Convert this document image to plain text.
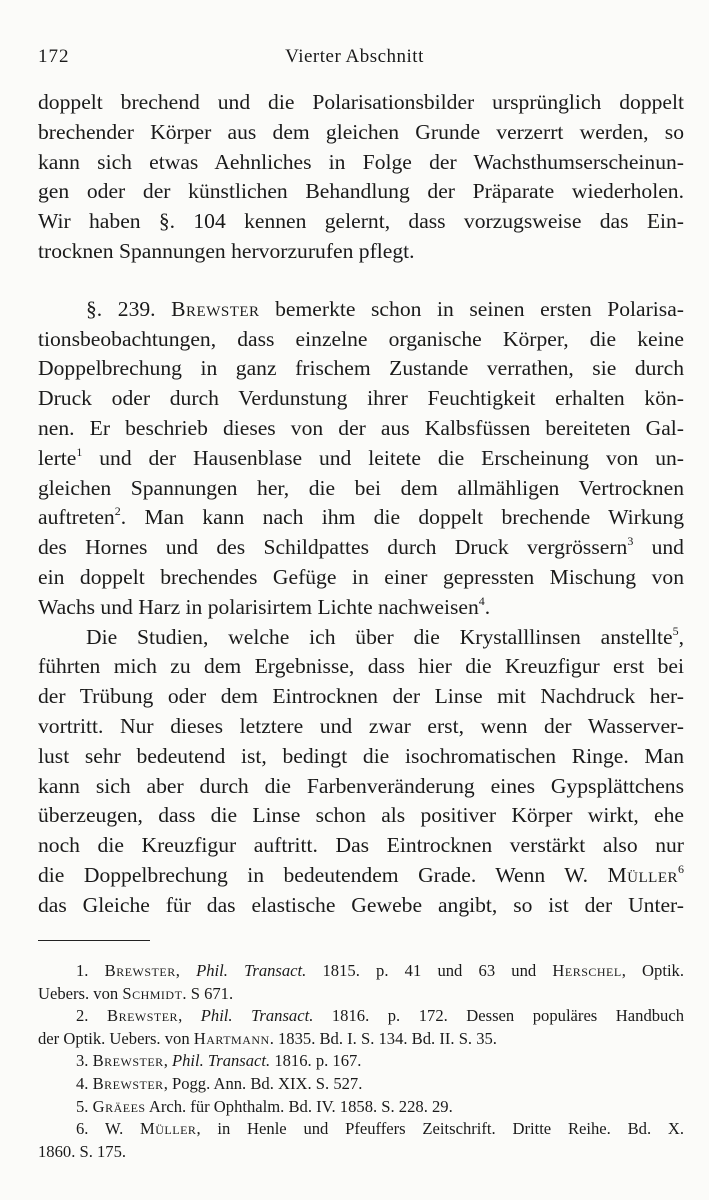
172	Vierter Abschnitt
doppelt brechend und die Polarisationsbilder ursprünglich doppelt
brechender Körper aus dem gleichen Grunde verzerrt werden, so
kann sich etwas Aehnliches in Folge der Wachsthumserscheinun-
gen oder der künstlichen Behandlung der Präparate wiederholen.
Wir haben §. 104 kennen gelernt, dass vorzugsweise das Ein-
trocknen Spannungen hervorzurufen pflegt.
§. 239. Brewster bemerkte schon in seinen ersten Polarisa-
tionsbeobachtungen, dass einzelne organische Körper, die keine
Doppelbrechung in ganz frischem Zustande verrathen, sie durch
Druck oder durch Verdunstung ihrer Feuchtigkeit erhalten kön-
nen. Er beschrieb dieses von der aus Kalbsfüssen bereiteten Gal-
lerte$^1$ und der Hausenblase und leitete die Erscheinung von un-
gleichen Spannungen her, die bei dem allmähligen Vertrocknen
auftreten$^2$. Man kann nach ihm die doppelt brechende Wirkung
des Hornes und des Schildpattes durch Druck vergrössern$^3$ und
ein doppelt brechendes Gefüge in einer gepressten Mischung von
Wachs und Harz in polarisirtem Lichte nachweisen$^4$.
Die Studien, welche ich über die Krystalllinsen anstellte$^5$,
führten mich zu dem Ergebnisse, dass hier die Kreuzfigur erst bei
der Trübung oder dem Eintrocknen der Linse mit Nachdruck her-
vortritt. Nur dieses letztere und zwar erst, wenn der Wasserver-
lust sehr bedeutend ist, bedingt die isochromatischen Ringe. Man
kann sich aber durch die Farbenveränderung eines Gypsplättchens
überzeugen, dass die Linse schon als positiver Körper wirkt, ehe
noch die Kreuzfigur auftritt. Das Eintrocknen verstärkt also nur
die Doppelbrechung in bedeutendem Grade. Wenn W. Müller$^6$
das Gleiche für das elastische Gewebe angibt, so ist der Unter-
1. Brewster, Phil. Transact. 1815. p. 41 und 63 und Herschel, Optik.
Uebers. von Schmidt. S 671.
2. Brewster, Phil. Transact. 1816. p. 172. Dessen populäres Handbuch
der Optik. Uebers. von Hartmann. 1835. Bd. I. S. 134. Bd. II. S. 35.
3. Brewster, Phil. Transact. 1816. p. 167.
4. Brewster, Pogg. Ann. Bd. XIX. S. 527.
5. Gräees Arch. für Ophthalm. Bd. IV. 1858. S. 228. 29.
6. W. Müller, in Henle und Pfeuffers Zeitschrift. Dritte Reihe. Bd. X.
1860. S. 175.
